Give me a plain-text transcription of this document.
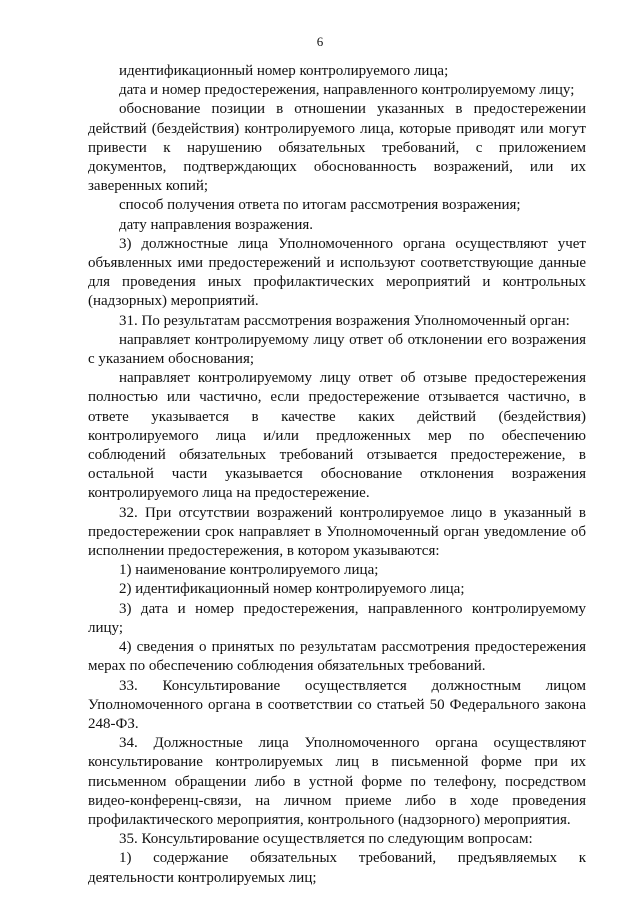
6

идентификационный номер контролируемого лица;

дата и номер предостережения, направленного контролируемому лицу;

обоснование позиции в отношении указанных в предостережении действий (бездействия) контролируемого лица, которые приводят или могут привести к нарушению обязательных требований, с приложением документов, подтверждающих обоснованность возражений, или их заверенных копий;

способ получения ответа по итогам рассмотрения возражения;

дату направления возражения.

3) должностные лица Уполномоченного органа осуществляют учет объявленных ими предостережений и используют соответствующие данные для проведения иных профилактических мероприятий и контрольных (надзорных) мероприятий.

31. По результатам рассмотрения возражения Уполномоченный орган:

направляет контролируемому лицу ответ об отклонении его возражения с указанием обоснования;

направляет контролируемому лицу ответ об отзыве предостережения полностью или частично, если предостережение отзывается частично, в ответе указывается в качестве каких действий (бездействия) контролируемого лица и/или предложенных мер по обеспечению соблюдений обязательных требований отзывается предостережение, в остальной части указывается обоснование отклонения возражения контролируемого лица на предостережение.

32. При отсутствии возражений контролируемое лицо в указанный в предостережении срок направляет в Уполномоченный орган уведомление об исполнении предостережения, в котором указываются:

1) наименование контролируемого лица;

2) идентификационный номер контролируемого лица;

3) дата и номер предостережения, направленного контролируемому лицу;

4) сведения о принятых по результатам рассмотрения предостережения мерах по обеспечению соблюдения обязательных требований.

33. Консультирование осуществляется должностным лицом Уполномоченного органа в соответствии со статьей 50 Федерального закона 248-ФЗ.

34. Должностные лица Уполномоченного органа осуществляют консультирование контролируемых лиц в письменной форме при их письменном обращении либо в устной форме по телефону, посредством видео-конференц-связи, на личном приеме либо в ходе проведения профилактического мероприятия, контрольного (надзорного) мероприятия.

35. Консультирование осуществляется по следующим вопросам:

1) содержание обязательных требований, предъявляемых к деятельности контролируемых лиц;
